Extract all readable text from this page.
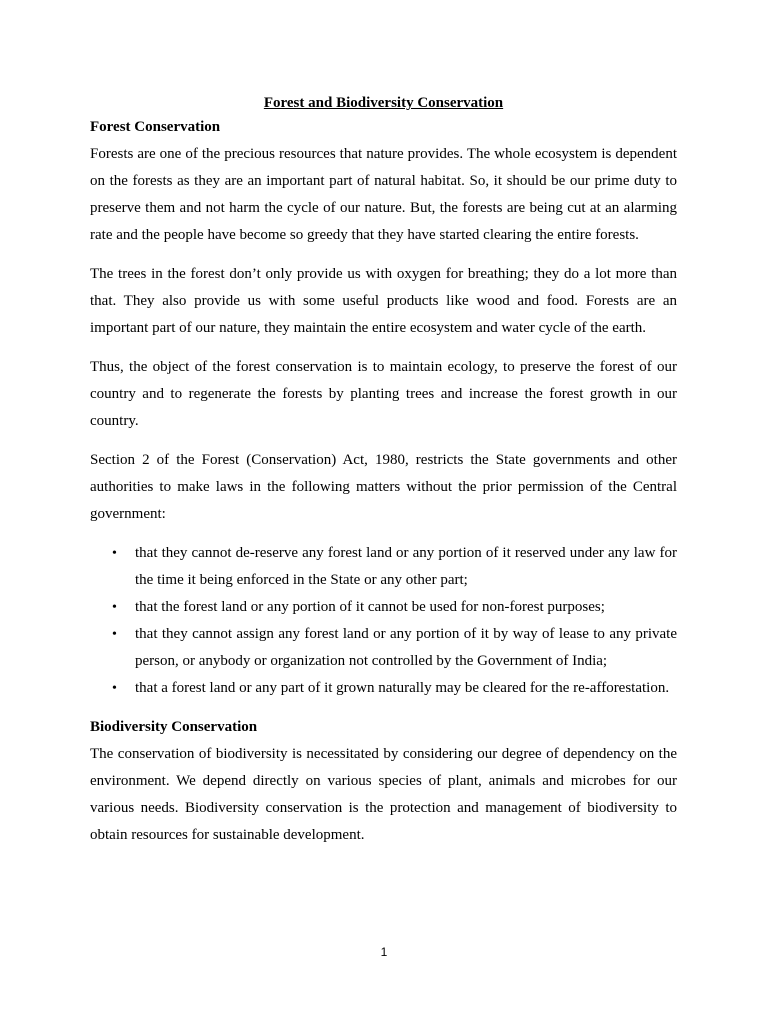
Forest and Biodiversity Conservation
Forest Conservation

Forests are one of the precious resources that nature provides. The whole ecosystem is dependent on the forests as they are an important part of natural habitat. So, it should be our prime duty to preserve them and not harm the cycle of our nature. But, the forests are being cut at an alarming rate and the people have become so greedy that they have started clearing the entire forests.

The trees in the forest don’t only provide us with oxygen for breathing; they do a lot more than that. They also provide us with some useful products like wood and food. Forests are an important part of our nature, they maintain the entire ecosystem and water cycle of the earth.

Thus, the object of the forest conservation is to maintain ecology, to preserve the forest of our country and to regenerate the forests by planting trees and increase the forest growth in our country.

Section 2 of the Forest (Conservation) Act, 1980, restricts the State governments and other authorities to make laws in the following matters without the prior permission of the Central government:

• that they cannot de-reserve any forest land or any portion of it reserved under any law for the time it being enforced in the State or any other part;
• that the forest land or any portion of it cannot be used for non-forest purposes;
• that they cannot assign any forest land or any portion of it by way of lease to any private person, or anybody or organization not controlled by the Government of India;
• that a forest land or any part of it grown naturally may be cleared for the re-afforestation.
Biodiversity Conservation

The conservation of biodiversity is necessitated by considering our degree of dependency on the environment. We depend directly on various species of plant, animals and microbes for our various needs. Biodiversity conservation is the protection and management of biodiversity to obtain resources for sustainable development.

1
